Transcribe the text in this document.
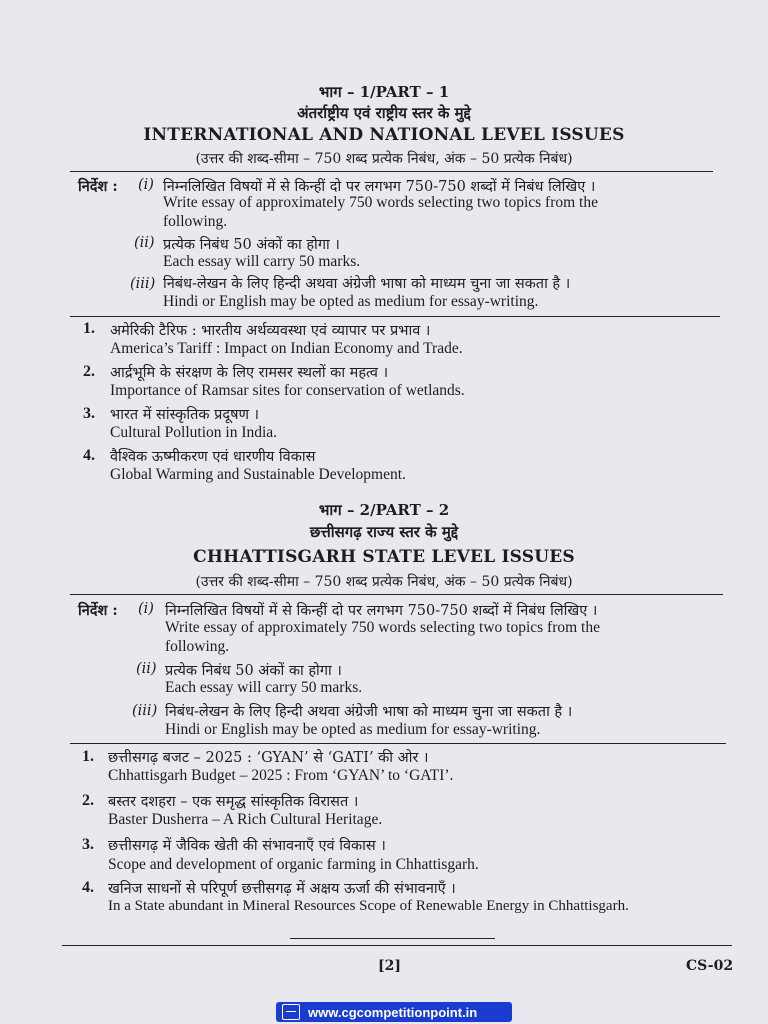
भाग – 1/PART – 1
अंतर्राष्ट्रीय एवं राष्ट्रीय स्तर के मुद्दे
INTERNATIONAL AND NATIONAL LEVEL ISSUES
(उत्तर की शब्द-सीमा – 750 शब्द प्रत्येक निबंध, अंक – 50 प्रत्येक निबंध)
निर्देश : (i) निम्नलिखित विषयों में से किन्हीं दो पर लगभग 750-750 शब्दों में निबंध लिखिए ।
Write essay of approximately 750 words selecting two topics from the
following.
(ii) प्रत्येक निबंध 50 अंकों का होगा ।
Each essay will carry 50 marks.
(iii) निबंध-लेखन के लिए हिन्दी अथवा अंग्रेजी भाषा को माध्यम चुना जा सकता है ।
Hindi or English may be opted as medium for essay-writing.
1. अमेरिकी टैरिफ : भारतीय अर्थव्यवस्था एवं व्यापार पर प्रभाव ।
America’s Tariff : Impact on Indian Economy and Trade.
2. आर्द्रभूमि के संरक्षण के लिए रामसर स्थलों का महत्व ।
Importance of Ramsar sites for conservation of wetlands.
3. भारत में सांस्कृतिक प्रदूषण ।
Cultural Pollution in India.
4. वैश्विक ऊष्मीकरण एवं धारणीय विकास
Global Warming and Sustainable Development.
भाग – 2/PART – 2
छत्तीसगढ़ राज्य स्तर के मुद्दे
CHHATTISGARH STATE LEVEL ISSUES
(उत्तर की शब्द-सीमा – 750 शब्द प्रत्येक निबंध, अंक – 50 प्रत्येक निबंध)
निर्देश : (i) निम्नलिखित विषयों में से किन्हीं दो पर लगभग 750-750 शब्दों में निबंध लिखिए ।
Write essay of approximately 750 words selecting two topics from the
following.
(ii) प्रत्येक निबंध 50 अंकों का होगा ।
Each essay will carry 50 marks.
(iii) निबंध-लेखन के लिए हिन्दी अथवा अंग्रेजी भाषा को माध्यम चुना जा सकता है ।
Hindi or English may be opted as medium for essay-writing.
1. छत्तीसगढ़ बजट – 2025 : ‘GYAN’ से ‘GATI’ की ओर ।
Chhattisgarh Budget – 2025 : From ‘GYAN’ to ‘GATI’.
2. बस्तर दशहरा – एक समृद्ध सांस्कृतिक विरासत ।
Baster Dusherra – A Rich Cultural Heritage.
3. छत्तीसगढ़ में जैविक खेती की संभावनाएँ एवं विकास ।
Scope and development of organic farming in Chhattisgarh.
4. खनिज साधनों से परिपूर्ण छत्तीसगढ़ में अक्षय ऊर्जा की संभावनाएँ ।
In a State abundant in Mineral Resources Scope of Renewable Energy in Chhattisgarh.
[2]	CS-02
www.cgcompetitionpoint.in
